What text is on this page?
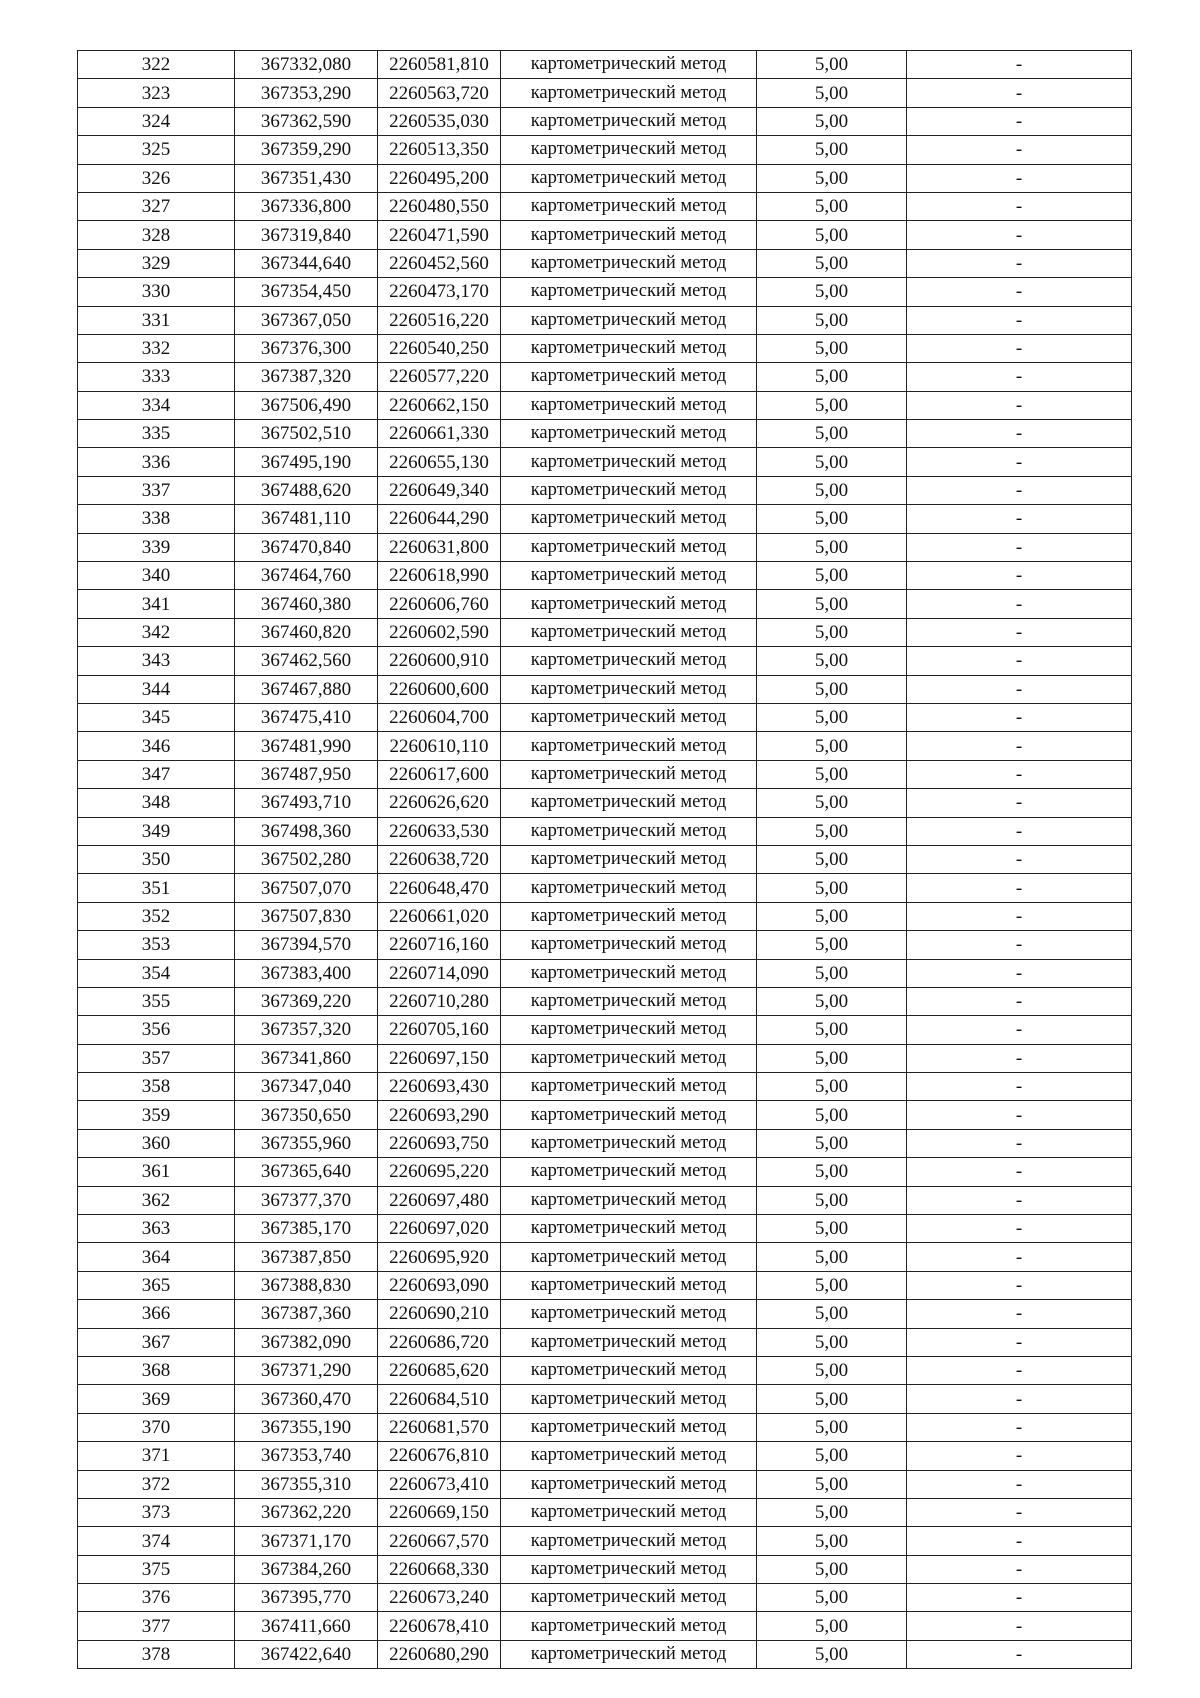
322	367332,080	2260581,810	картометрический метод	5,00	-
323	367353,290	2260563,720	картометрический метод	5,00	-
324	367362,590	2260535,030	картометрический метод	5,00	-
325	367359,290	2260513,350	картометрический метод	5,00	-
326	367351,430	2260495,200	картометрический метод	5,00	-
327	367336,800	2260480,550	картометрический метод	5,00	-
328	367319,840	2260471,590	картометрический метод	5,00	-
329	367344,640	2260452,560	картометрический метод	5,00	-
330	367354,450	2260473,170	картометрический метод	5,00	-
331	367367,050	2260516,220	картометрический метод	5,00	-
332	367376,300	2260540,250	картометрический метод	5,00	-
333	367387,320	2260577,220	картометрический метод	5,00	-
334	367506,490	2260662,150	картометрический метод	5,00	-
335	367502,510	2260661,330	картометрический метод	5,00	-
336	367495,190	2260655,130	картометрический метод	5,00	-
337	367488,620	2260649,340	картометрический метод	5,00	-
338	367481,110	2260644,290	картометрический метод	5,00	-
339	367470,840	2260631,800	картометрический метод	5,00	-
340	367464,760	2260618,990	картометрический метод	5,00	-
341	367460,380	2260606,760	картометрический метод	5,00	-
342	367460,820	2260602,590	картометрический метод	5,00	-
343	367462,560	2260600,910	картометрический метод	5,00	-
344	367467,880	2260600,600	картометрический метод	5,00	-
345	367475,410	2260604,700	картометрический метод	5,00	-
346	367481,990	2260610,110	картометрический метод	5,00	-
347	367487,950	2260617,600	картометрический метод	5,00	-
348	367493,710	2260626,620	картометрический метод	5,00	-
349	367498,360	2260633,530	картометрический метод	5,00	-
350	367502,280	2260638,720	картометрический метод	5,00	-
351	367507,070	2260648,470	картометрический метод	5,00	-
352	367507,830	2260661,020	картометрический метод	5,00	-
353	367394,570	2260716,160	картометрический метод	5,00	-
354	367383,400	2260714,090	картометрический метод	5,00	-
355	367369,220	2260710,280	картометрический метод	5,00	-
356	367357,320	2260705,160	картометрический метод	5,00	-
357	367341,860	2260697,150	картометрический метод	5,00	-
358	367347,040	2260693,430	картометрический метод	5,00	-
359	367350,650	2260693,290	картометрический метод	5,00	-
360	367355,960	2260693,750	картометрический метод	5,00	-
361	367365,640	2260695,220	картометрический метод	5,00	-
362	367377,370	2260697,480	картометрический метод	5,00	-
363	367385,170	2260697,020	картометрический метод	5,00	-
364	367387,850	2260695,920	картометрический метод	5,00	-
365	367388,830	2260693,090	картометрический метод	5,00	-
366	367387,360	2260690,210	картометрический метод	5,00	-
367	367382,090	2260686,720	картометрический метод	5,00	-
368	367371,290	2260685,620	картометрический метод	5,00	-
369	367360,470	2260684,510	картометрический метод	5,00	-
370	367355,190	2260681,570	картометрический метод	5,00	-
371	367353,740	2260676,810	картометрический метод	5,00	-
372	367355,310	2260673,410	картометрический метод	5,00	-
373	367362,220	2260669,150	картометрический метод	5,00	-
374	367371,170	2260667,570	картометрический метод	5,00	-
375	367384,260	2260668,330	картометрический метод	5,00	-
376	367395,770	2260673,240	картометрический метод	5,00	-
377	367411,660	2260678,410	картометрический метод	5,00	-
378	367422,640	2260680,290	картометрический метод	5,00	-
